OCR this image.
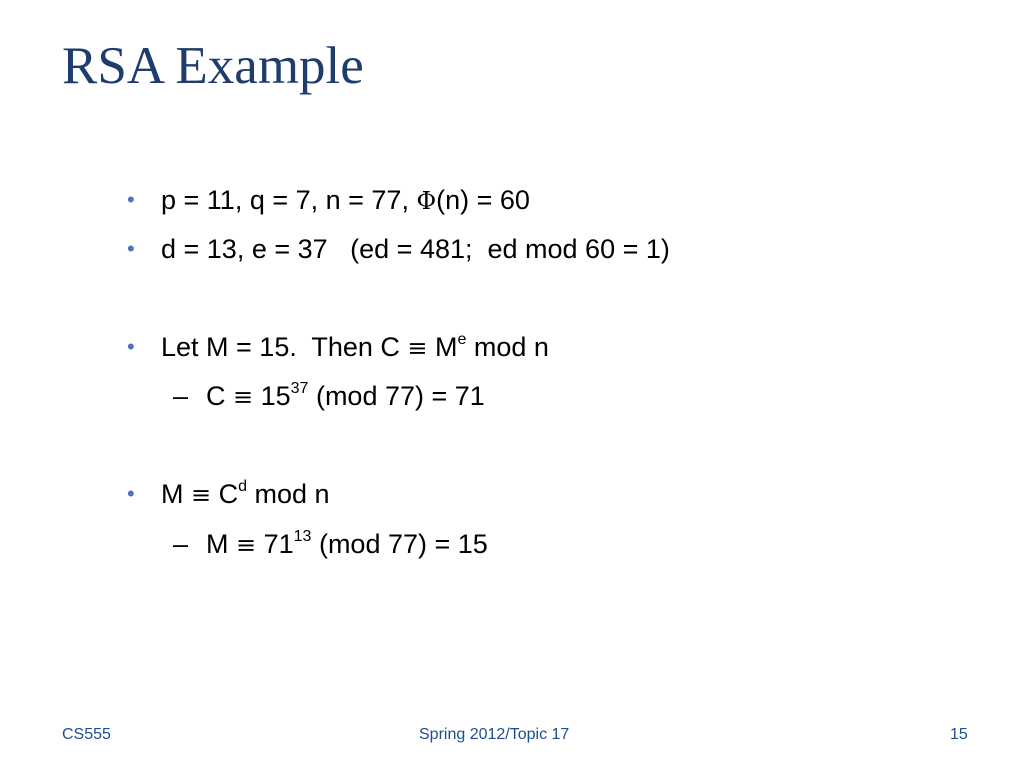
RSA Example
• p = 11, q = 7, n = 77, Φ(n) = 60
• d = 13, e = 37   (ed = 481;  ed mod 60 = 1)
• Let M = 15.  Then $C \equiv M^e$ mod n
– $C \equiv 15^{37}$ (mod 77) = 71
• $M \equiv C^d$ mod n
– $M \equiv 71^{13}$ (mod 77) = 15
CS555	Spring 2012/Topic 17	15
